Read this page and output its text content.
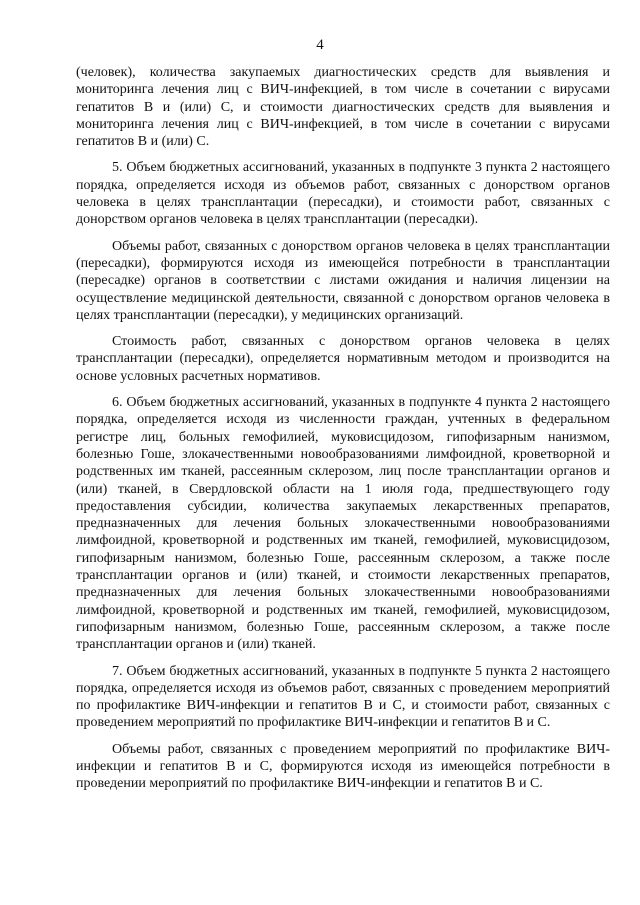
4

(человек), количества закупаемых диагностических средств для выявления и мониторинга лечения лиц с ВИЧ-инфекцией, в том числе в сочетании с вирусами гепатитов В и (или) С, и стоимости диагностических средств для выявления и мониторинга лечения лиц с ВИЧ-инфекцией, в том числе в сочетании с вирусами гепатитов В и (или) С.

5. Объем бюджетных ассигнований, указанных в подпункте 3 пункта 2 настоящего порядка, определяется исходя из объемов работ, связанных с донорством органов человека в целях трансплантации (пересадки), и стоимости работ, связанных с донорством органов человека в целях трансплантации (пересадки).

Объемы работ, связанных с донорством органов человека в целях трансплантации (пересадки), формируются исходя из имеющейся потребности в трансплантации (пересадке) органов в соответствии с листами ожидания и наличия лицензии на осуществление медицинской деятельности, связанной с донорством органов человека в целях трансплантации (пересадки), у медицинских организаций.

Стоимость работ, связанных с донорством органов человека в целях трансплантации (пересадки), определяется нормативным методом и производится на основе условных расчетных нормативов.

6. Объем бюджетных ассигнований, указанных в подпункте 4 пункта 2 настоящего порядка, определяется исходя из численности граждан, учтенных в федеральном регистре лиц, больных гемофилией, муковисцидозом, гипофизарным нанизмом, болезнью Гоше, злокачественными новообразованиями лимфоидной, кроветворной и родственных им тканей, рассеянным склерозом, лиц после трансплантации органов и (или) тканей, в Свердловской области на 1 июля года, предшествующего году предоставления субсидии, количества закупаемых лекарственных препаратов, предназначенных для лечения больных злокачественными новообразованиями лимфоидной, кроветворной и родственных им тканей, гемофилией, муковисцидозом, гипофизарным нанизмом, болезнью Гоше, рассеянным склерозом, а также после трансплантации органов и (или) тканей, и стоимости лекарственных препаратов, предназначенных для лечения больных злокачественными новообразованиями лимфоидной, кроветворной и родственных им тканей, гемофилией, муковисцидозом, гипофизарным нанизмом, болезнью Гоше, рассеянным склерозом, а также после трансплантации органов и (или) тканей.

7. Объем бюджетных ассигнований, указанных в подпункте 5 пункта 2 настоящего порядка, определяется исходя из объемов работ, связанных с проведением мероприятий по профилактике ВИЧ-инфекции и гепатитов В и С, и стоимости работ, связанных с проведением мероприятий по профилактике ВИЧ-инфекции и гепатитов В и С.

Объемы работ, связанных с проведением мероприятий по профилактике ВИЧ-инфекции и гепатитов В и С, формируются исходя из имеющейся потребности в проведении мероприятий по профилактике ВИЧ-инфекции и гепатитов В и С.
